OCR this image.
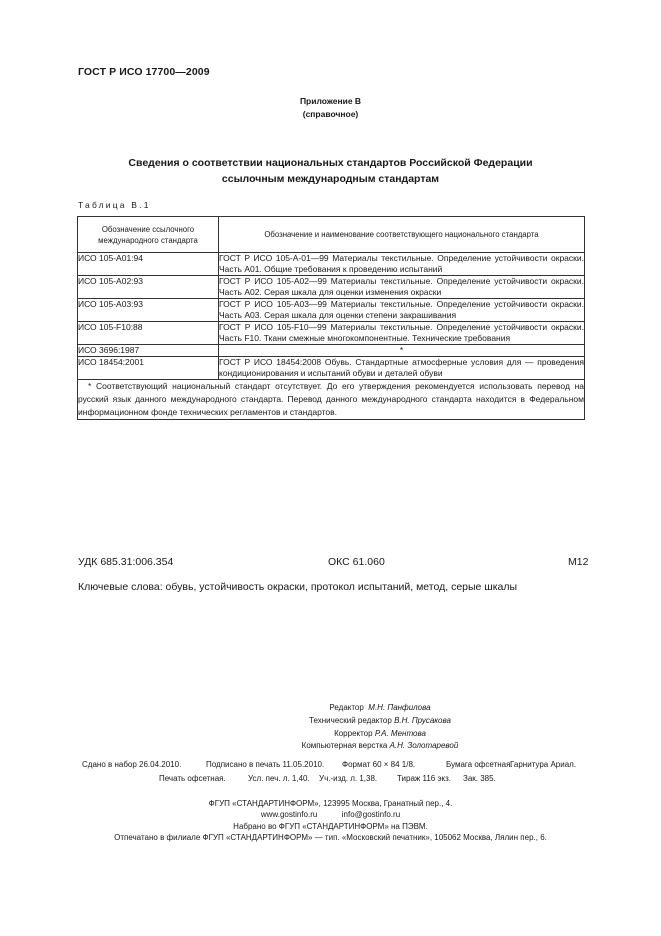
ГОСТ Р ИСО 17700—2009
Приложение В
(справочное)
Сведения о соответствии национальных стандартов Российской Федерации
ссылочным международным стандартам
Таблица В.1
Обозначение ссылочного международного стандарта	Обозначение и наименование соответствующего национального стандарта
ИСО 105-А01:94	ГОСТ Р ИСО 105-А-01—99 Материалы текстильные. Определение устойчивости окраски. Часть А01. Общие требования к проведению испытаний
ИСО 105-А02:93	ГОСТ Р ИСО 105-А02—99 Материалы текстильные. Определение устойчивости окраски. Часть А02. Серая шкала для оценки изменения окраски
ИСО 105-А03:93	ГОСТ Р ИСО 105-А03—99 Материалы текстильные. Определение устойчивости окраски. Часть А03. Серая шкала для оценки степени закрашивания
ИСО 105-F10:88	ГОСТ Р ИСО 105-F10—99 Материалы текстильные. Определение устойчивости окраски. Часть F10. Ткани смежные многокомпонентные. Технические требования
ИСО 3696:1987	*
ИСО 18454:2001	ГОСТ Р ИСО 18454:2008 Обувь. Стандартные атмосферные условия для — проведения кондиционирования и испытаний обуви и деталей обуви
* Соответствующий национальный стандарт отсутствует. До его утверждения рекомендуется использовать перевод на русский язык данного международного стандарта. Перевод данного международного стандарта находится в Федеральном информационном фонде технических регламентов и стандартов.	
УДК 685.31:006.354	ОКС 61.060	М12
Ключевые слова: обувь, устойчивость окраски, протокол испытаний, метод, серые шкалы
Редактор М.Н. Панфилова
Технический редактор В.Н. Прусакова
Корректор Р.А. Ментова
Компьютерная верстка А.Н. Золотаревой
Сдано в набор 26.04.2010.	Подписано в печать 11.05.2010. Формат 60 × 84 1/8.	Бумага офсетная.
Гарнитура Ариал.
Печать офсетная.	Усл. печ. л. 1,40. Уч.-изд. л. 1,38. Тираж 116 экз. Зак. 385.
ФГУП «СТАНДАРТИНФОРМ», 123995 Москва, Гранатный пер., 4.
www.gostinfo.ru	info@gostinfo.ru
Набрано во ФГУП «СТАНДАРТИНФОРМ» на ПЭВМ.
Отпечатано в филиале ФГУП «СТАНДАРТИНФОРМ» — тип. «Московский печатник», 105062 Москва, Лялин пер., 6.
